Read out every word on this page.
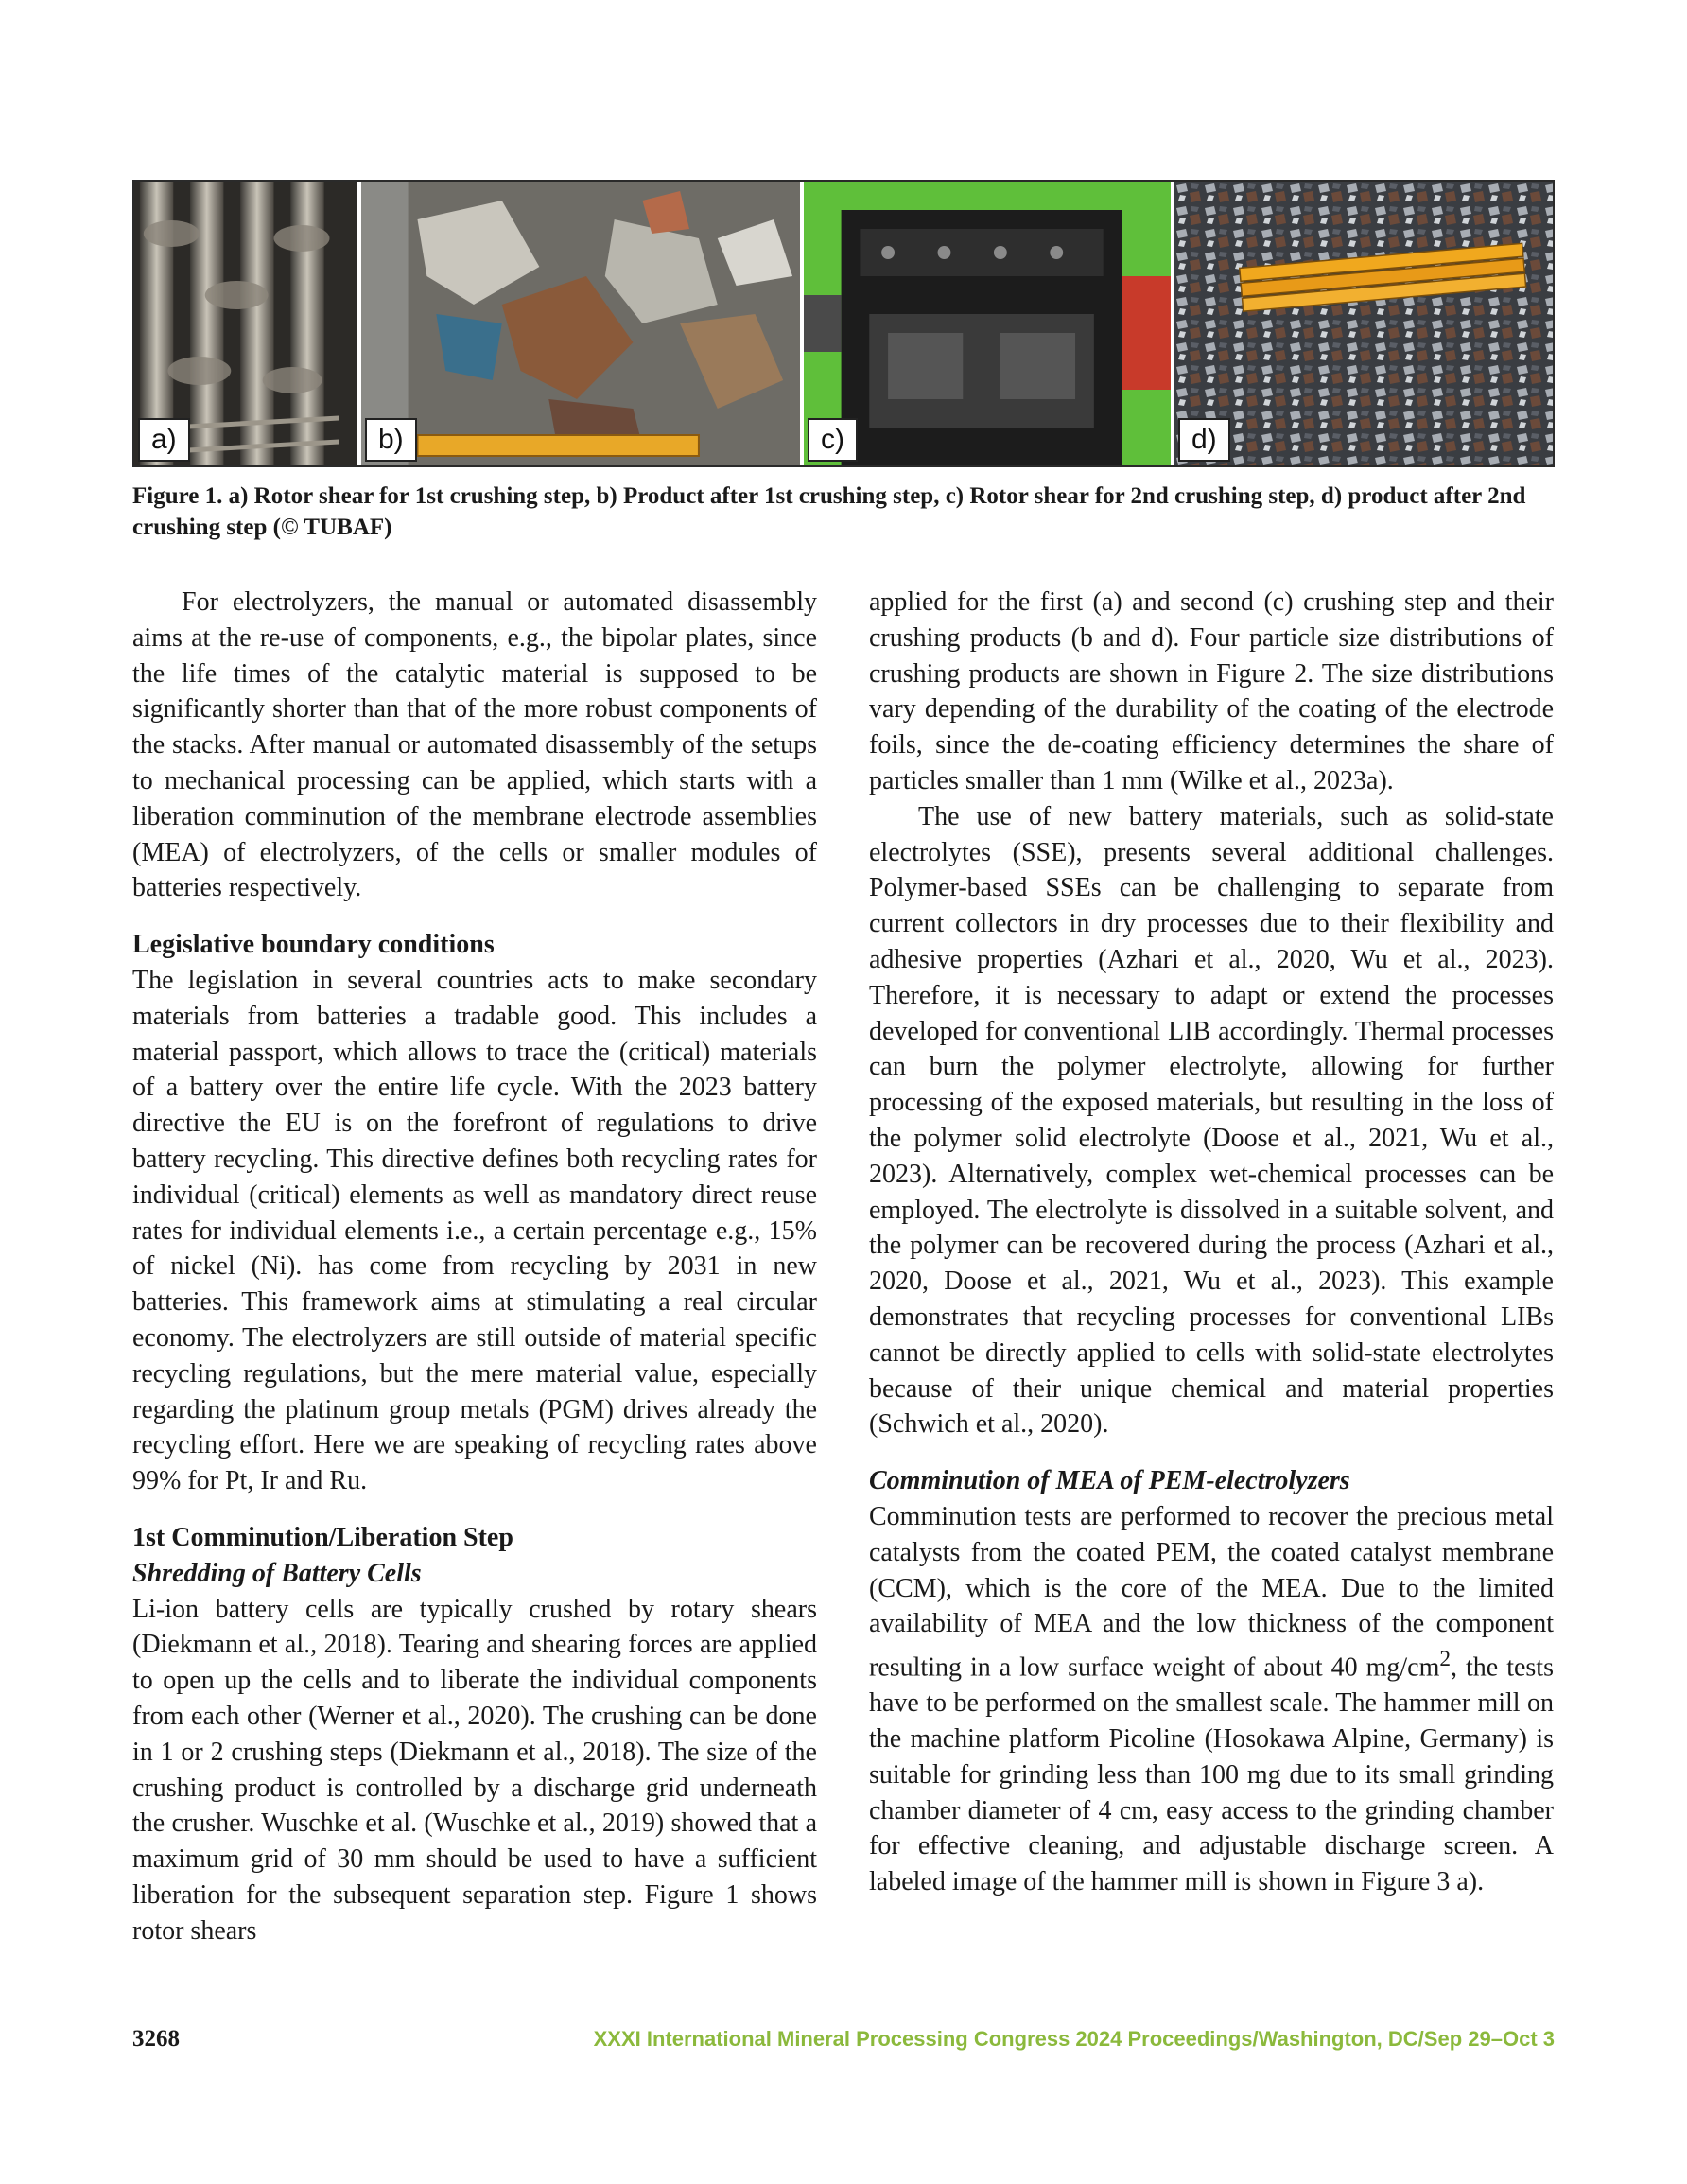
a)	b)	c)	d)

Figure 1. a) Rotor shear for 1st crushing step, b) Product after 1st crushing step, c) Rotor shear for 2nd crushing step, d) product after 2nd crushing step (© TUBAF)

For electrolyzers, the manual or automated disassembly aims at the re-use of components, e.g., the bipolar plates, since the life times of the catalytic material is supposed to be significantly shorter than that of the more robust components of the stacks. After manual or automated disassembly of the setups to mechanical processing can be applied, which starts with a liberation comminution of the membrane electrode assemblies (MEA) of electrolyzers, of the cells or smaller modules of batteries respectively.

Legislative boundary conditions

The legislation in several countries acts to make secondary materials from batteries a tradable good. This includes a material passport, which allows to trace the (critical) materials of a battery over the entire life cycle. With the 2023 battery directive the EU is on the forefront of regulations to drive battery recycling. This directive defines both recycling rates for individual (critical) elements as well as mandatory direct reuse rates for individual elements i.e., a certain percentage e.g., 15% of nickel (Ni). has come from recycling by 2031 in new batteries. This framework aims at stimulating a real circular economy. The electrolyzers are still outside of material specific recycling regulations, but the mere material value, especially regarding the platinum group metals (PGM) drives already the recycling effort. Here we are speaking of recycling rates above 99% for Pt, Ir and Ru.

1st Comminution/Liberation Step
Shredding of Battery Cells

Li-ion battery cells are typically crushed by rotary shears (Diekmann et al., 2018). Tearing and shearing forces are applied to open up the cells and to liberate the individual components from each other (Werner et al., 2020). The crushing can be done in 1 or 2 crushing steps (Diekmann et al., 2018). The size of the crushing product is controlled by a discharge grid underneath the crusher. Wuschke et al. (Wuschke et al., 2019) showed that a maximum grid of 30 mm should be used to have a sufficient liberation for the subsequent separation step. Figure 1 shows rotor shears

applied for the first (a) and second (c) crushing step and their crushing products (b and d). Four particle size distributions of crushing products are shown in Figure 2. The size distributions vary depending of the durability of the coating of the electrode foils, since the de-coating efficiency determines the share of particles smaller than 1 mm (Wilke et al., 2023a).

The use of new battery materials, such as solid-state electrolytes (SSE), presents several additional challenges. Polymer-based SSEs can be challenging to separate from current collectors in dry processes due to their flexibility and adhesive properties (Azhari et al., 2020, Wu et al., 2023). Therefore, it is necessary to adapt or extend the processes developed for conventional LIB accordingly. Thermal processes can burn the polymer electrolyte, allowing for further processing of the exposed materials, but resulting in the loss of the polymer solid electrolyte (Doose et al., 2021, Wu et al., 2023). Alternatively, complex wet-chemical processes can be employed. The electrolyte is dissolved in a suitable solvent, and the polymer can be recovered during the process (Azhari et al., 2020, Doose et al., 2021, Wu et al., 2023). This example demonstrates that recycling processes for conventional LIBs cannot be directly applied to cells with solid-state electrolytes because of their unique chemical and material properties (Schwich et al., 2020).

Comminution of MEA of PEM-electrolyzers

Comminution tests are performed to recover the precious metal catalysts from the coated PEM, the coated catalyst membrane (CCM), which is the core of the MEA. Due to the limited availability of MEA and the low thickness of the component resulting in a low surface weight of about 40 $mg/cm^2$, the tests have to be performed on the smallest scale. The hammer mill on the machine platform Picoline (Hosokawa Alpine, Germany) is suitable for grinding less than 100 mg due to its small grinding chamber diameter of 4 cm, easy access to the grinding chamber for effective cleaning, and adjustable discharge screen. A labeled image of the hammer mill is shown in Figure 3 a).

3268	XXXI International Mineral Processing Congress 2024 Proceedings/Washington, DC/Sep 29–Oct 3
